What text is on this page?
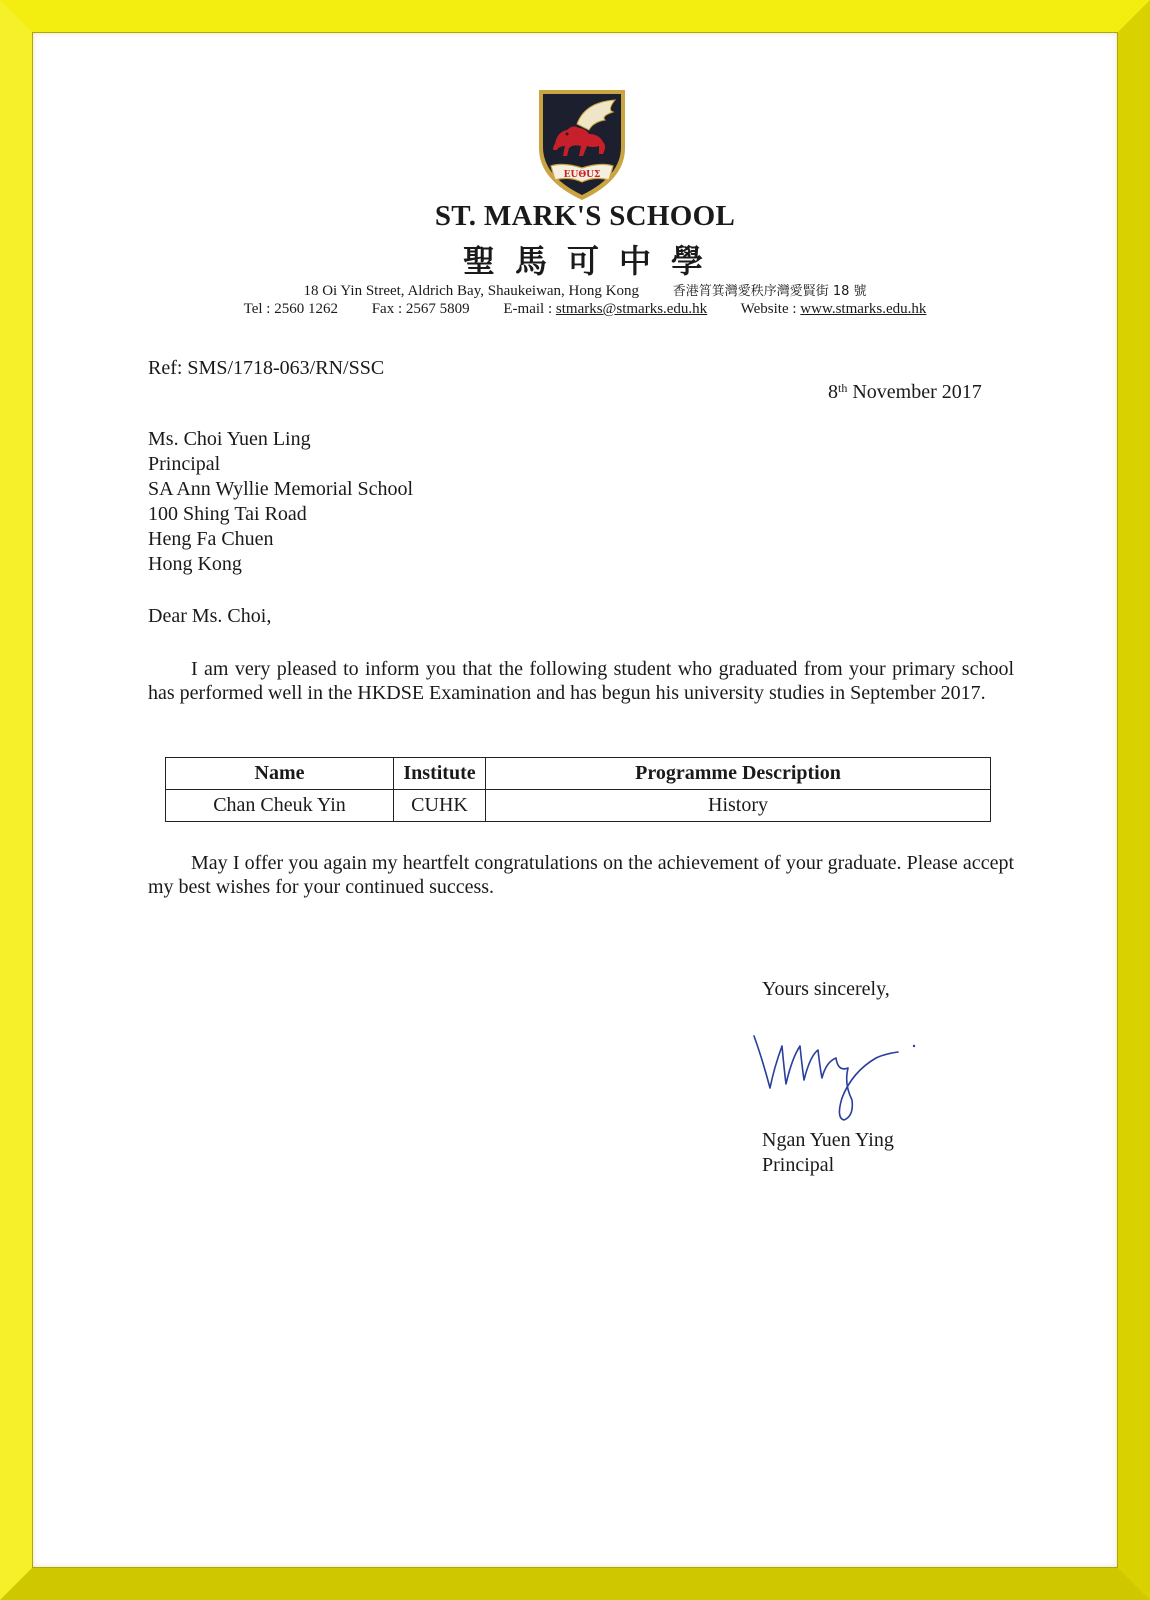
EUΘUΣ
ST. MARK'S SCHOOL
聖馬可中學
18 Oi Yin Street, Aldrich Bay, Shaukeiwan, Hong Kong	香港筲箕灣愛秩序灣愛賢街 18 號
Tel : 2560 1262 Fax : 2567 5809 E-mail : stmarks@stmarks.edu.hk Website : www.stmarks.edu.hk
Ref: SMS/1718-063/RN/SSC
8th November 2017
Ms. Choi Yuen Ling
Principal
SA Ann Wyllie Memorial School
100 Shing Tai Road
Heng Fa Chuen
Hong Kong
Dear Ms. Choi,
I am very pleased to inform you that the following student who graduated from your primary school has performed well in the HKDSE Examination and has begun his university studies in September 2017.
Name	Institute	Programme Description
Chan Cheuk Yin	CUHK	History
May I offer you again my heartfelt congratulations on the achievement of your graduate. Please accept my best wishes for your continued success.
Yours sincerely,
Ngan Yuen Ying
Principal
